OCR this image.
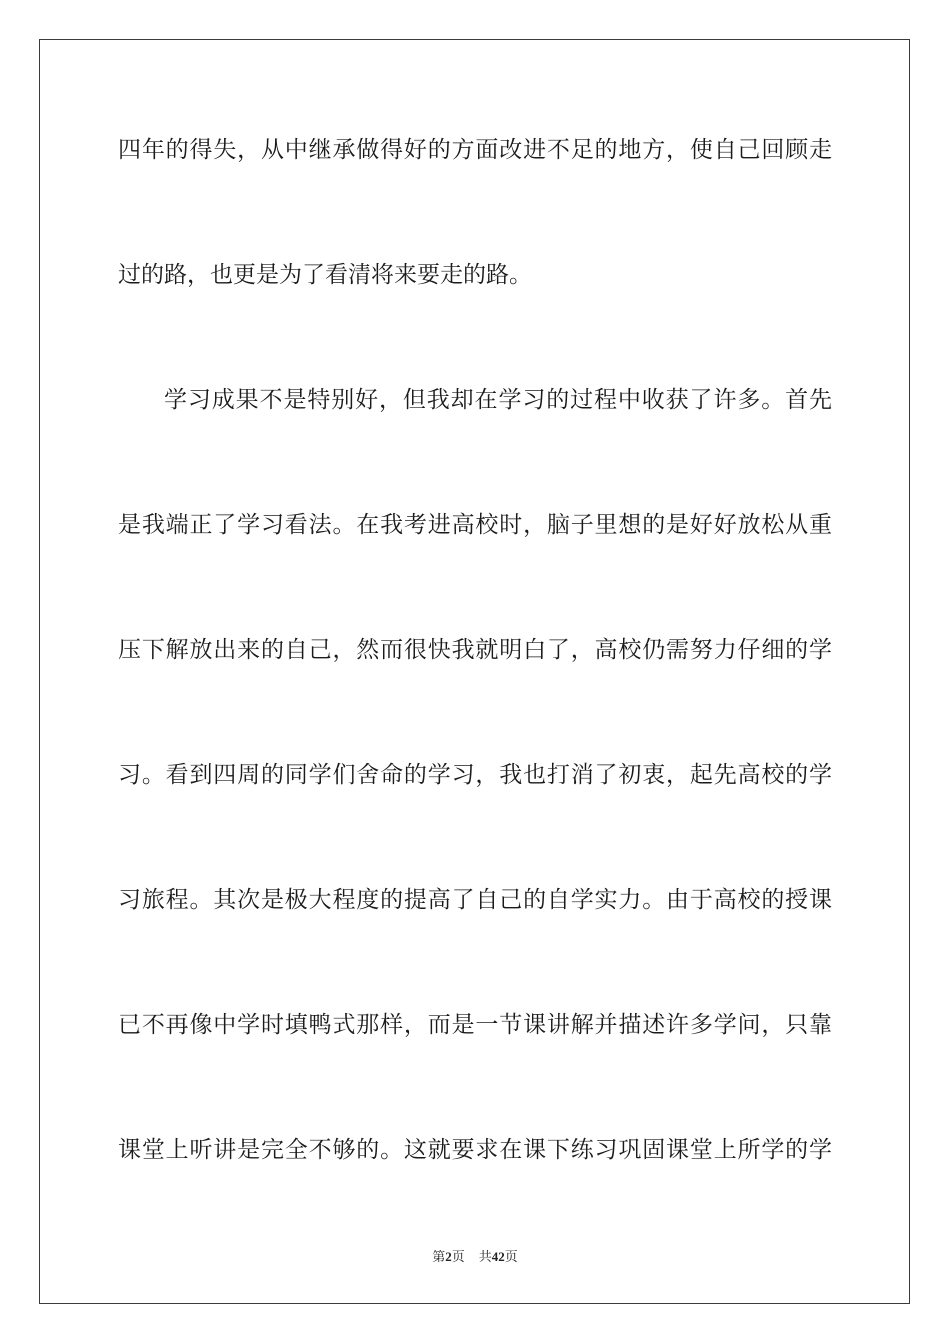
四年的得失，从中继承做得好的方面改进不足的地方，使自己回顾走
过的路，也更是为了看清将来要走的路。
学习成果不是特别好，但我却在学习的过程中收获了许多。首先
是我端正了学习看法。在我考进高校时，脑子里想的是好好放松从重
压下解放出来的自己，然而很快我就明白了，高校仍需努力仔细的学
习。看到四周的同学们舍命的学习，我也打消了初衷，起先高校的学
习旅程。其次是极大程度的提高了自己的自学实力。由于高校的授课
已不再像中学时填鸭式那样，而是一节课讲解并描述许多学问，只靠
课堂上听讲是完全不够的。这就要求在课下练习巩固课堂上所学的学
第2页 共42页
